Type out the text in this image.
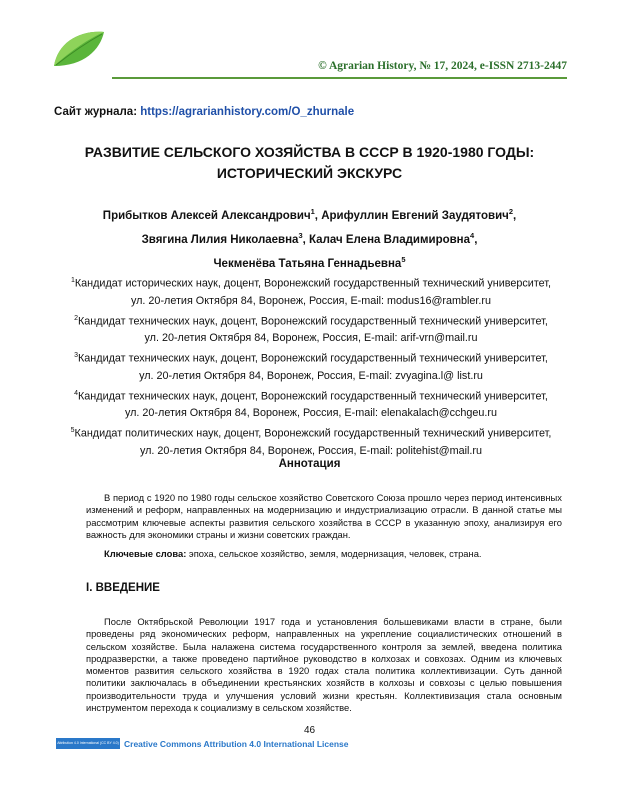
© Agrarian History, № 17, 2024, e-ISSN 2713-2447
Сайт журнала: https://agrarianhistory.com/O_zhurnale
РАЗВИТИЕ СЕЛЬСКОГО ХОЗЯЙСТВА В СССР В 1920-1980 ГОДЫ:
ИСТОРИЧЕСКИЙ ЭКСКУРС
Прибытков Алексей Александрович$^1$, Арифуллин Евгений Заудятович$^2$,
Звягина Лилия Николаевна$^3$, Калач Елена Владимировна$^4$,
Чекменёва Татьяна Геннадьевна$^5$
$^1$Кандидат исторических наук, доцент, Воронежский государственный технический университет,
ул. 20-летия Октября 84, Воронеж, Россия, E-mail: modus16@rambler.ru
$^2$Кандидат технических наук, доцент, Воронежский государственный технический университет,
ул. 20-летия Октября 84, Воронеж, Россия, E-mail: arif-vrn@mail.ru
$^3$Кандидат технических наук, доцент, Воронежский государственный технический университет,
ул. 20-летия Октября 84, Воронеж, Россия, E-mail: zvyagina.l@ list.ru
$^4$Кандидат технических наук, доцент, Воронежский государственный технический университет,
ул. 20-летия Октября 84, Воронеж, Россия, E-mail: elenakalach@cchgeu.ru
$^5$Кандидат политических наук, доцент, Воронежский государственный технический университет,
ул. 20-летия Октября 84, Воронеж, Россия, E-mail: politehist@mail.ru
Аннотация
В период с 1920 по 1980 годы сельское хозяйство Советского Союза прошло через период интенсивных изменений и реформ, направленных на модернизацию и индустриализацию отрасли. В данной статье мы рассмотрим ключевые аспекты развития сельского хозяйства в СССР в указанную эпоху, анализируя его важность для экономики страны и жизни советских граждан.
Ключевые слова: эпоха, сельское хозяйство, земля, модернизация, человек, страна.
I. ВВЕДЕНИЕ
После Октябрьской Революции 1917 года и установления большевиками власти в стране, были проведены ряд экономических реформ, направленных на укрепление социалистических отношений в сельском хозяйстве. Была налажена система государственного контроля за землей, введена политика продразверстки, а также проведено партийное руководство в колхозах и совхозах. Одним из ключевых моментов развития сельского хозяйства в 1920 годах стала политика коллективизации. Суть данной политики заключалась в объединении крестьянских хозяйств в колхозы и совхозы с целью повышения производительности труда и улучшения условий жизни крестьян. Коллективизация стала основным инструментом перехода к социализму в сельском хозяйстве.
46
Attribution 4.0 International (CC BY 4.0) Creative Commons Attribution 4.0 International License
